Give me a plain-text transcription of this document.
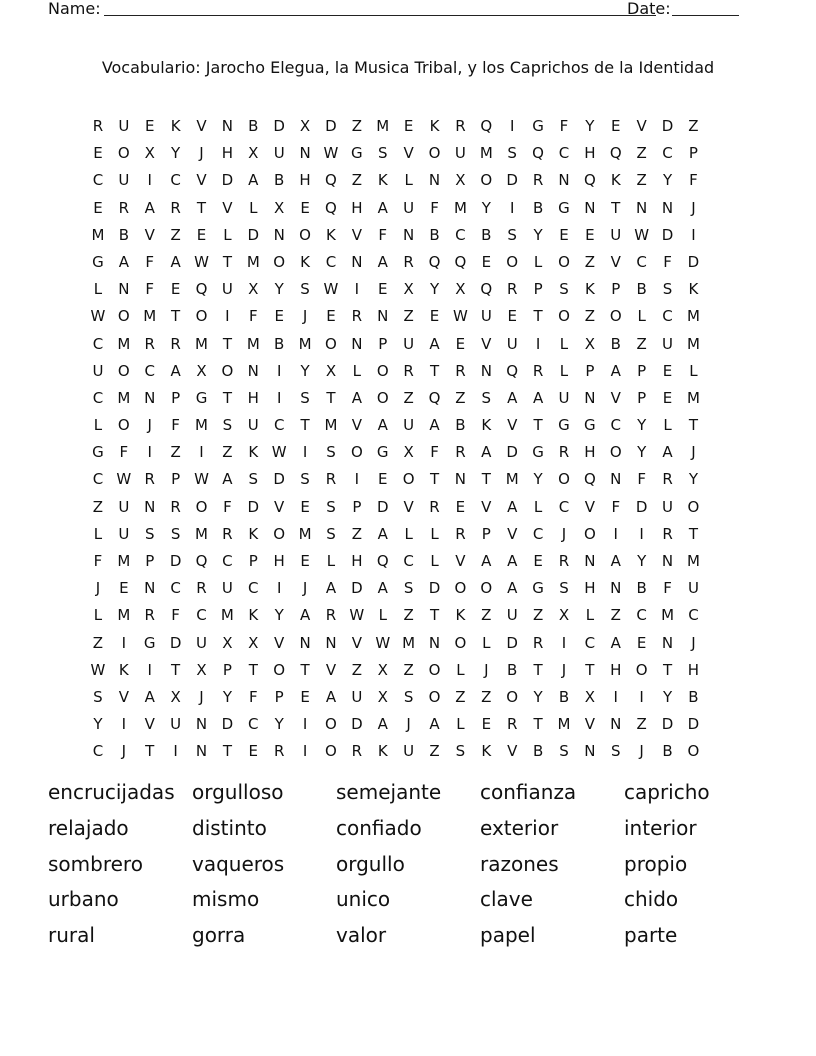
Name:	Date:
Vocabulario: Jarocho Elegua, la Musica Tribal, y los Caprichos de la Identidad
R	U	E	K	V	N	B D X D Z M E	K	R Q	I	G	F	Y	E	V D Z
E	O X	Y	J	H	X	U N W G	S	V O U M S	Q C	H Q Z	C	P
C	U	I	C	V D A	B	H Q Z	K	L	N	X O D R	N Q	K	Z	Y	F
E	R	A	R	T	V	L	X	E	Q H	A	U	F	M Y	I	B G N	T	N N	J
M B	V	Z	E	L	D N O	K	V	F	N	B	C	B	S	Y	E	E	U W D	I
G A	F	A W T M O	K	C	N	A	R Q Q	E	O	L	O Z	V	C	F	D
L	N	F	E	Q U	X	Y	S W	I	E	X	Y	X Q R	P	S	K	P	B	S	K
W O M T	O	I	F	E	J	E	R	N	Z	E W U	E	T	O Z O	L	C M
C M R	R M T M B M O N	P	U	A	E	V	U	I	L	X	B	Z	U M
U O C	A	X O N	I	Y	X	L	O R	T	R	N Q R	L	P	A	P	E	L
C M N	P	G	T	H	I	S	T	A O Z Q Z	S	A	A	U N	V	P	E M
L	O	J	F	M S	U	C	T M V	A	U	A	B	K	V	T	G G C	Y	L	T
G	F	I	Z	I	Z	K W	I	S	O G X	F	R	A D G R	H O	Y	A	J
C W R	P W A	S	D	S	R	I	E	O	T	N	T M Y	O Q N	F	R	Y
Z	U N	R O	F	D V	E	S	P	D V	R	E	V	A	L	C	V	F	D U O
L	U	S	S M R	K	O M S	Z	A	L	L	R	P	V	C	J	O	I	I	R	T
F	M P	D Q C	P	H	E	L	H Q C	L	V	A	A	E	R	N	A	Y	N M
J	E	N	C	R	U	C	I	J	A D A	S	D O O A G	S	H N	B	F	U
L	M R	F	C M K	Y	A	R W L	Z	T	K	Z	U	Z	X	L	Z	C M C
Z	I	G D U	X	X	V	N N	V W M N O	L	D R	I	C	A	E	N	J
W K	I	T	X	P	T	O	T	V	Z	X	Z O	L	J	B	T	J	T	H O	T	H
S	V	A	X	J	Y	F	P	E	A	U	X	S	O Z	Z O	Y	B	X	I	I	Y	B
Y	I	V	U N D C	Y	I	O D A	J	A	L	E	R	T M V	N	Z D D
C	J	T	I	N	T	E	R	I	O R	K	U	Z	S	K	V	B	S	N	S	J	B O
encrucijadas orgulloso	semejante	confianza	capricho
relajado	distinto	confiado	exterior	interior
sombrero	vaqueros	orgullo	razones	propio
urbano	mismo	unico	clave	chido
rural	gorra	valor	papel	parte
